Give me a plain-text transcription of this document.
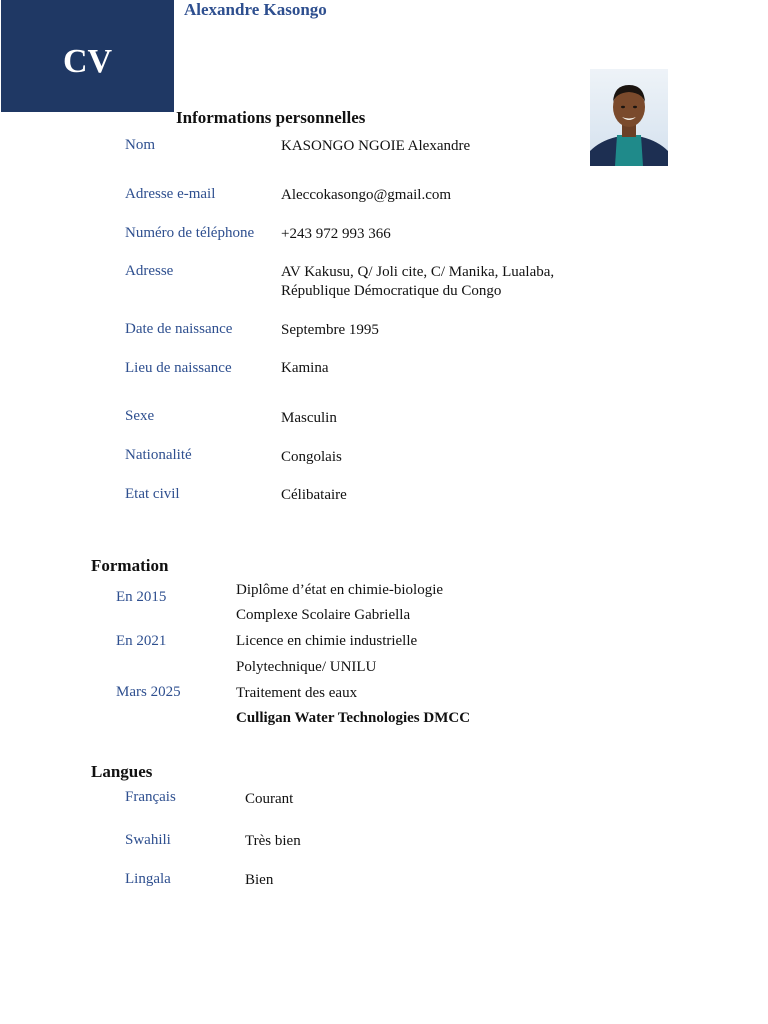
CV
Alexandre Kasongo
Informations personnelles
Nom	KASONGO NGOIE Alexandre
Adresse e-mail	Aleccokasongo@gmail.com
Numéro de téléphone +243 972 993 366
Adresse	AV Kakusu, Q/ Joli cite, C/ Manika, Lualaba,
République Démocratique du Congo
Date de naissance	Septembre 1995
Lieu de naissance	Kamina
Sexe	Masculin
Nationalité	Congolais
Etat civil	Célibataire
Formation
En 2015	Diplôme d’état en chimie-biologie
Complexe Scolaire Gabriella
En 2021	Licence en chimie industrielle
Polytechnique/ UNILU
Mars 2025	Traitement des eaux
Culligan Water Technologies DMCC
Langues
Français	Courant
Swahili	Très bien
Lingala	Bien
